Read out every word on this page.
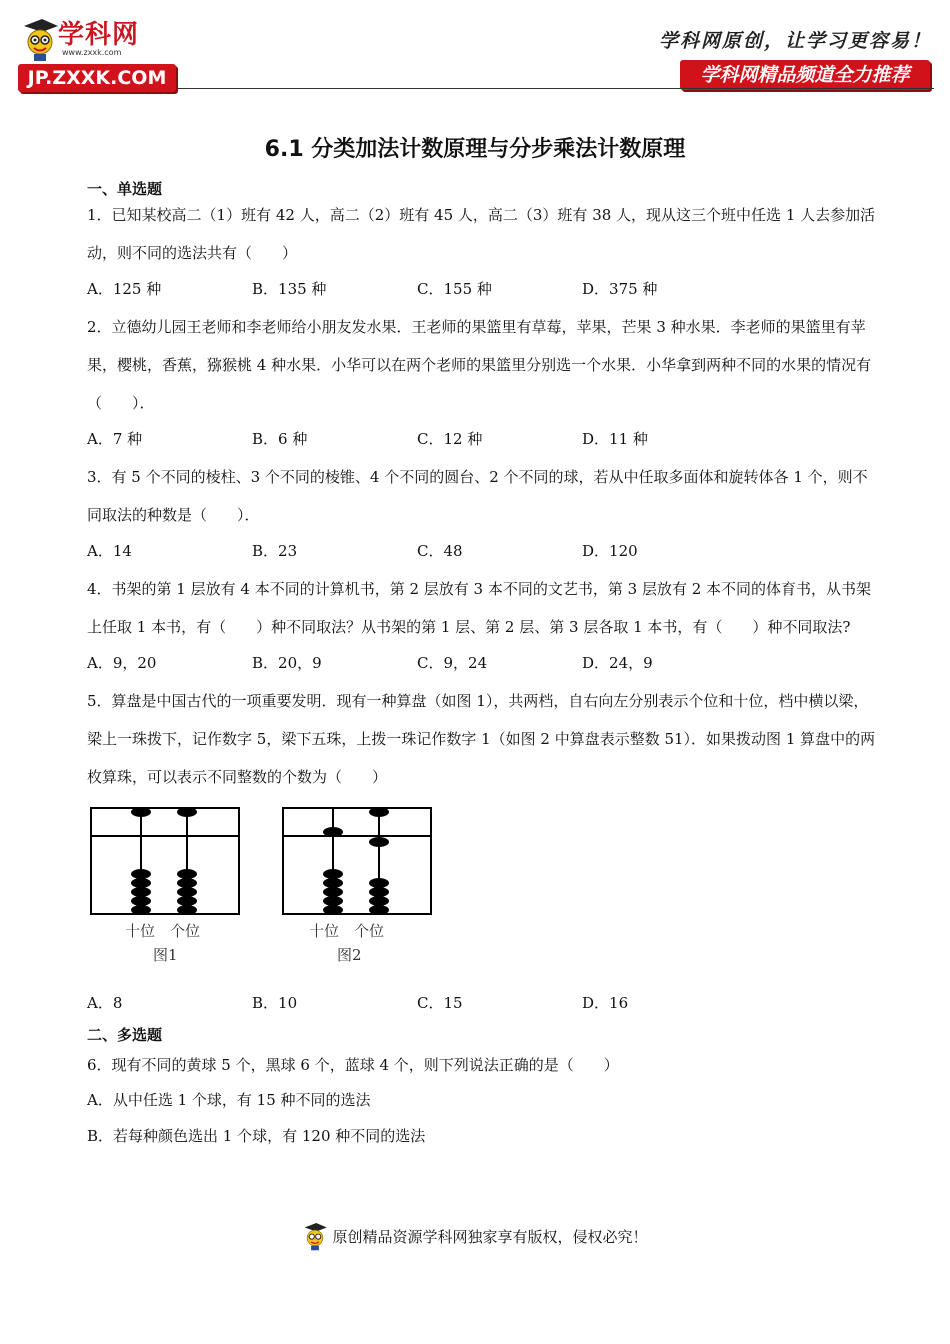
学科网
www.zxxk.com
JP.ZXXK.COM
学科网原创，让学习更容易！
学科网精品频道全力推荐
6.1 分类加法计数原理与分步乘法计数原理
一、单选题

1．已知某校高二（1）班有 42 人，高二（2）班有 45 人，高二（3）班有 38 人，现从这三个班中任选 1 人去参加活动，则不同的选法共有（　　）

A．125 种	B．135 种	C．155 种	D．375 种

2．立德幼儿园王老师和李老师给小朋友发水果．王老师的果篮里有草莓，苹果，芒果 3 种水果．李老师的果篮里有苹果，樱桃，香蕉，猕猴桃 4 种水果．小华可以在两个老师的果篮里分别选一个水果．小华拿到两种不同的水果的情况有（　　）．

A．7 种	B．6 种	C．12 种	D．11 种

3．有 5 个不同的棱柱、3 个不同的棱锥、4 个不同的圆台、2 个不同的球，若从中任取多面体和旋转体各 1 个，则不同取法的种数是（　　）．

A．14	B．23	C．48	D．120

4．书架的第 1 层放有 4 本不同的计算机书，第 2 层放有 3 本不同的文艺书，第 3 层放有 2 本不同的体育书，从书架上任取 1 本书，有（　　）种不同取法？从书架的第 1 层、第 2 层、第 3 层各取 1 本书，有（　　）种不同取法?

A．9，20	B．20，9	C．9，24	D．24，9

5．算盘是中国古代的一项重要发明．现有一种算盘（如图 1），共两档，自右向左分别表示个位和十位，档中横以梁，梁上一珠拨下，记作数字 5，梁下五珠，上拨一珠记作数字 1（如图 2 中算盘表示整数 51）．如果拨动图 1 算盘中的两枚算珠，可以表示不同整数的个数为（　　）

十位　个位
图1
十位　个位
图2
A．8	B．10	C．15	D．16
二、多选题

6．现有不同的黄球 5 个，黑球 6 个，蓝球 4 个，则下列说法正确的是（　　）

A．从中任选 1 个球，有 15 种不同的选法
B．若每种颜色选出 1 个球，有 120 种不同的选法
原创精品资源学科网独家享有版权，侵权必究！
